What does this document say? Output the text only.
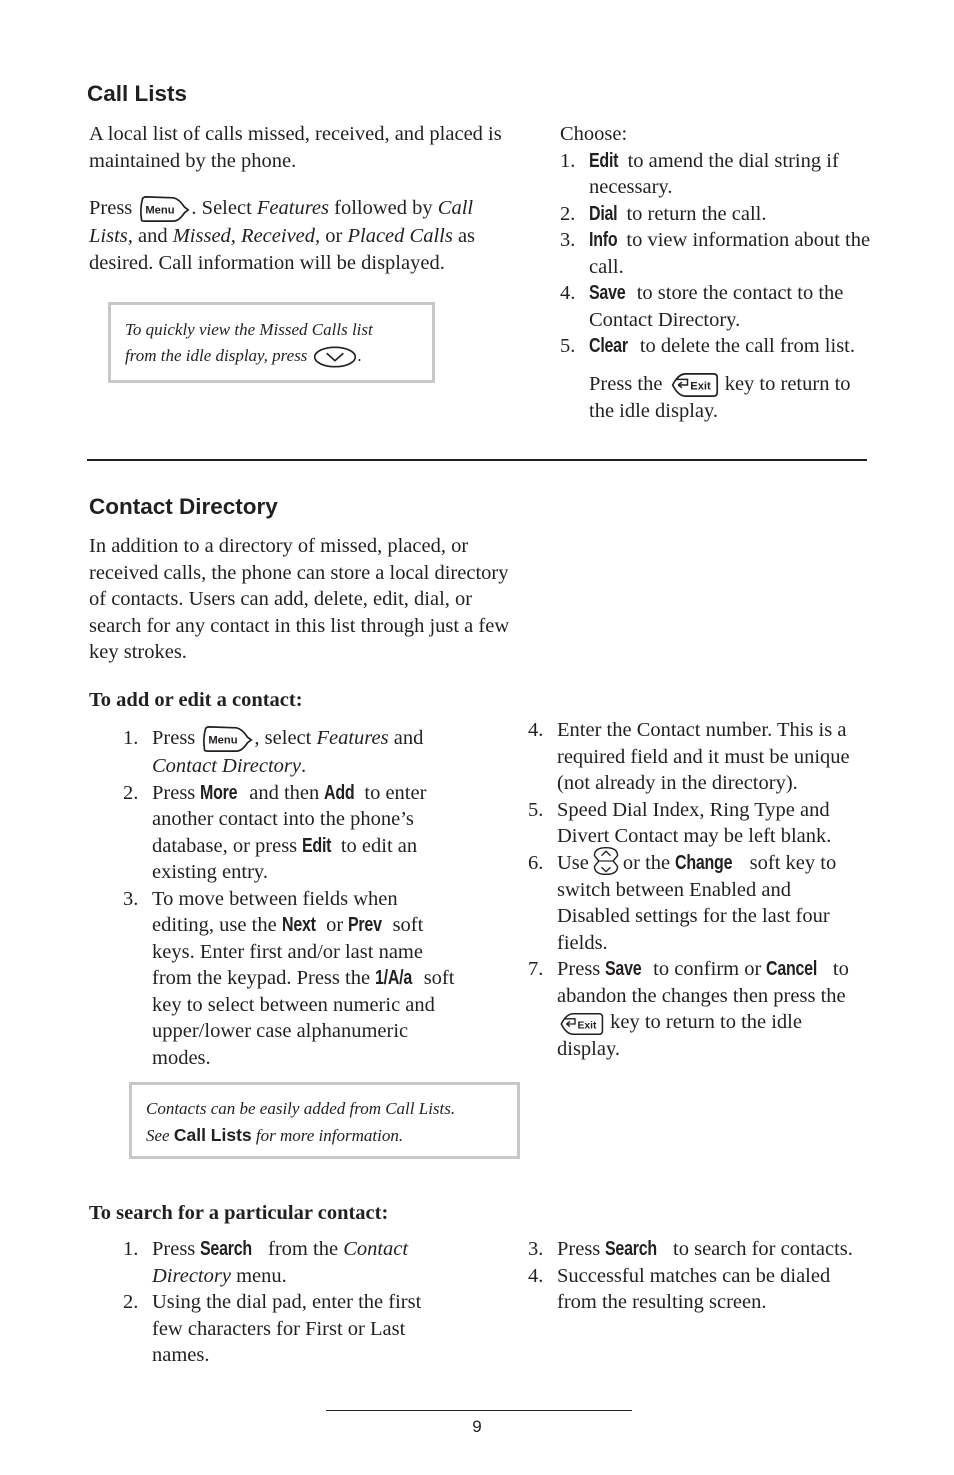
Call Lists

A local list of calls missed, received, and placed is maintained by the phone.

Press	. Select Features followed by Call Lists, and Missed, Received, or Placed Calls as desired. Call information will be displayed.

To quickly view the Missed Calls list
from the idle display, press	.
Choose:
1. Edit to amend the dial string if necessary.
2. Dial to return the call.
3. Info to view information about the call.
4. Save to store the contact to the Contact Directory.
5. Clear to delete the call from list.

Press the	key to return to the idle display.

Contact Directory

In addition to a directory of missed, placed, or received calls, the phone can store a local directory of contacts. Users can add, delete, edit, dial, or search for any contact in this list through just a few key strokes.

To add or edit a contact:
1. Press	, select Features and Contact Directory.
2. Press More and then Add to enter another contact into the phone’s database, or press Edit to edit an existing entry.
3. To move between fields when editing, use the Next or Prev soft keys. Enter first and/or last name from the keypad. Press the 1/A/a soft key to select between numeric and upper/lower case alphanumeric modes.
Contacts can be easily added from Call Lists.
See Call Lists for more information.
4. Enter the Contact number. This is a required field and it must be unique (not already in the directory).
5. Speed Dial Index, Ring Type and Divert Contact may be left blank.
6. Use or the Change soft key to switch between Enabled and Disabled settings for the last four fields.
7. Press Save to confirm or Cancel to abandon the changes then press the  key to return to the idle display.
To search for a particular contact:
1. Press Search from the Contact Directory menu.
2. Using the dial pad, enter the first few characters for First or Last names.
3. Press Search to search for contacts.
4. Successful matches can be dialed from the resulting screen.
9
